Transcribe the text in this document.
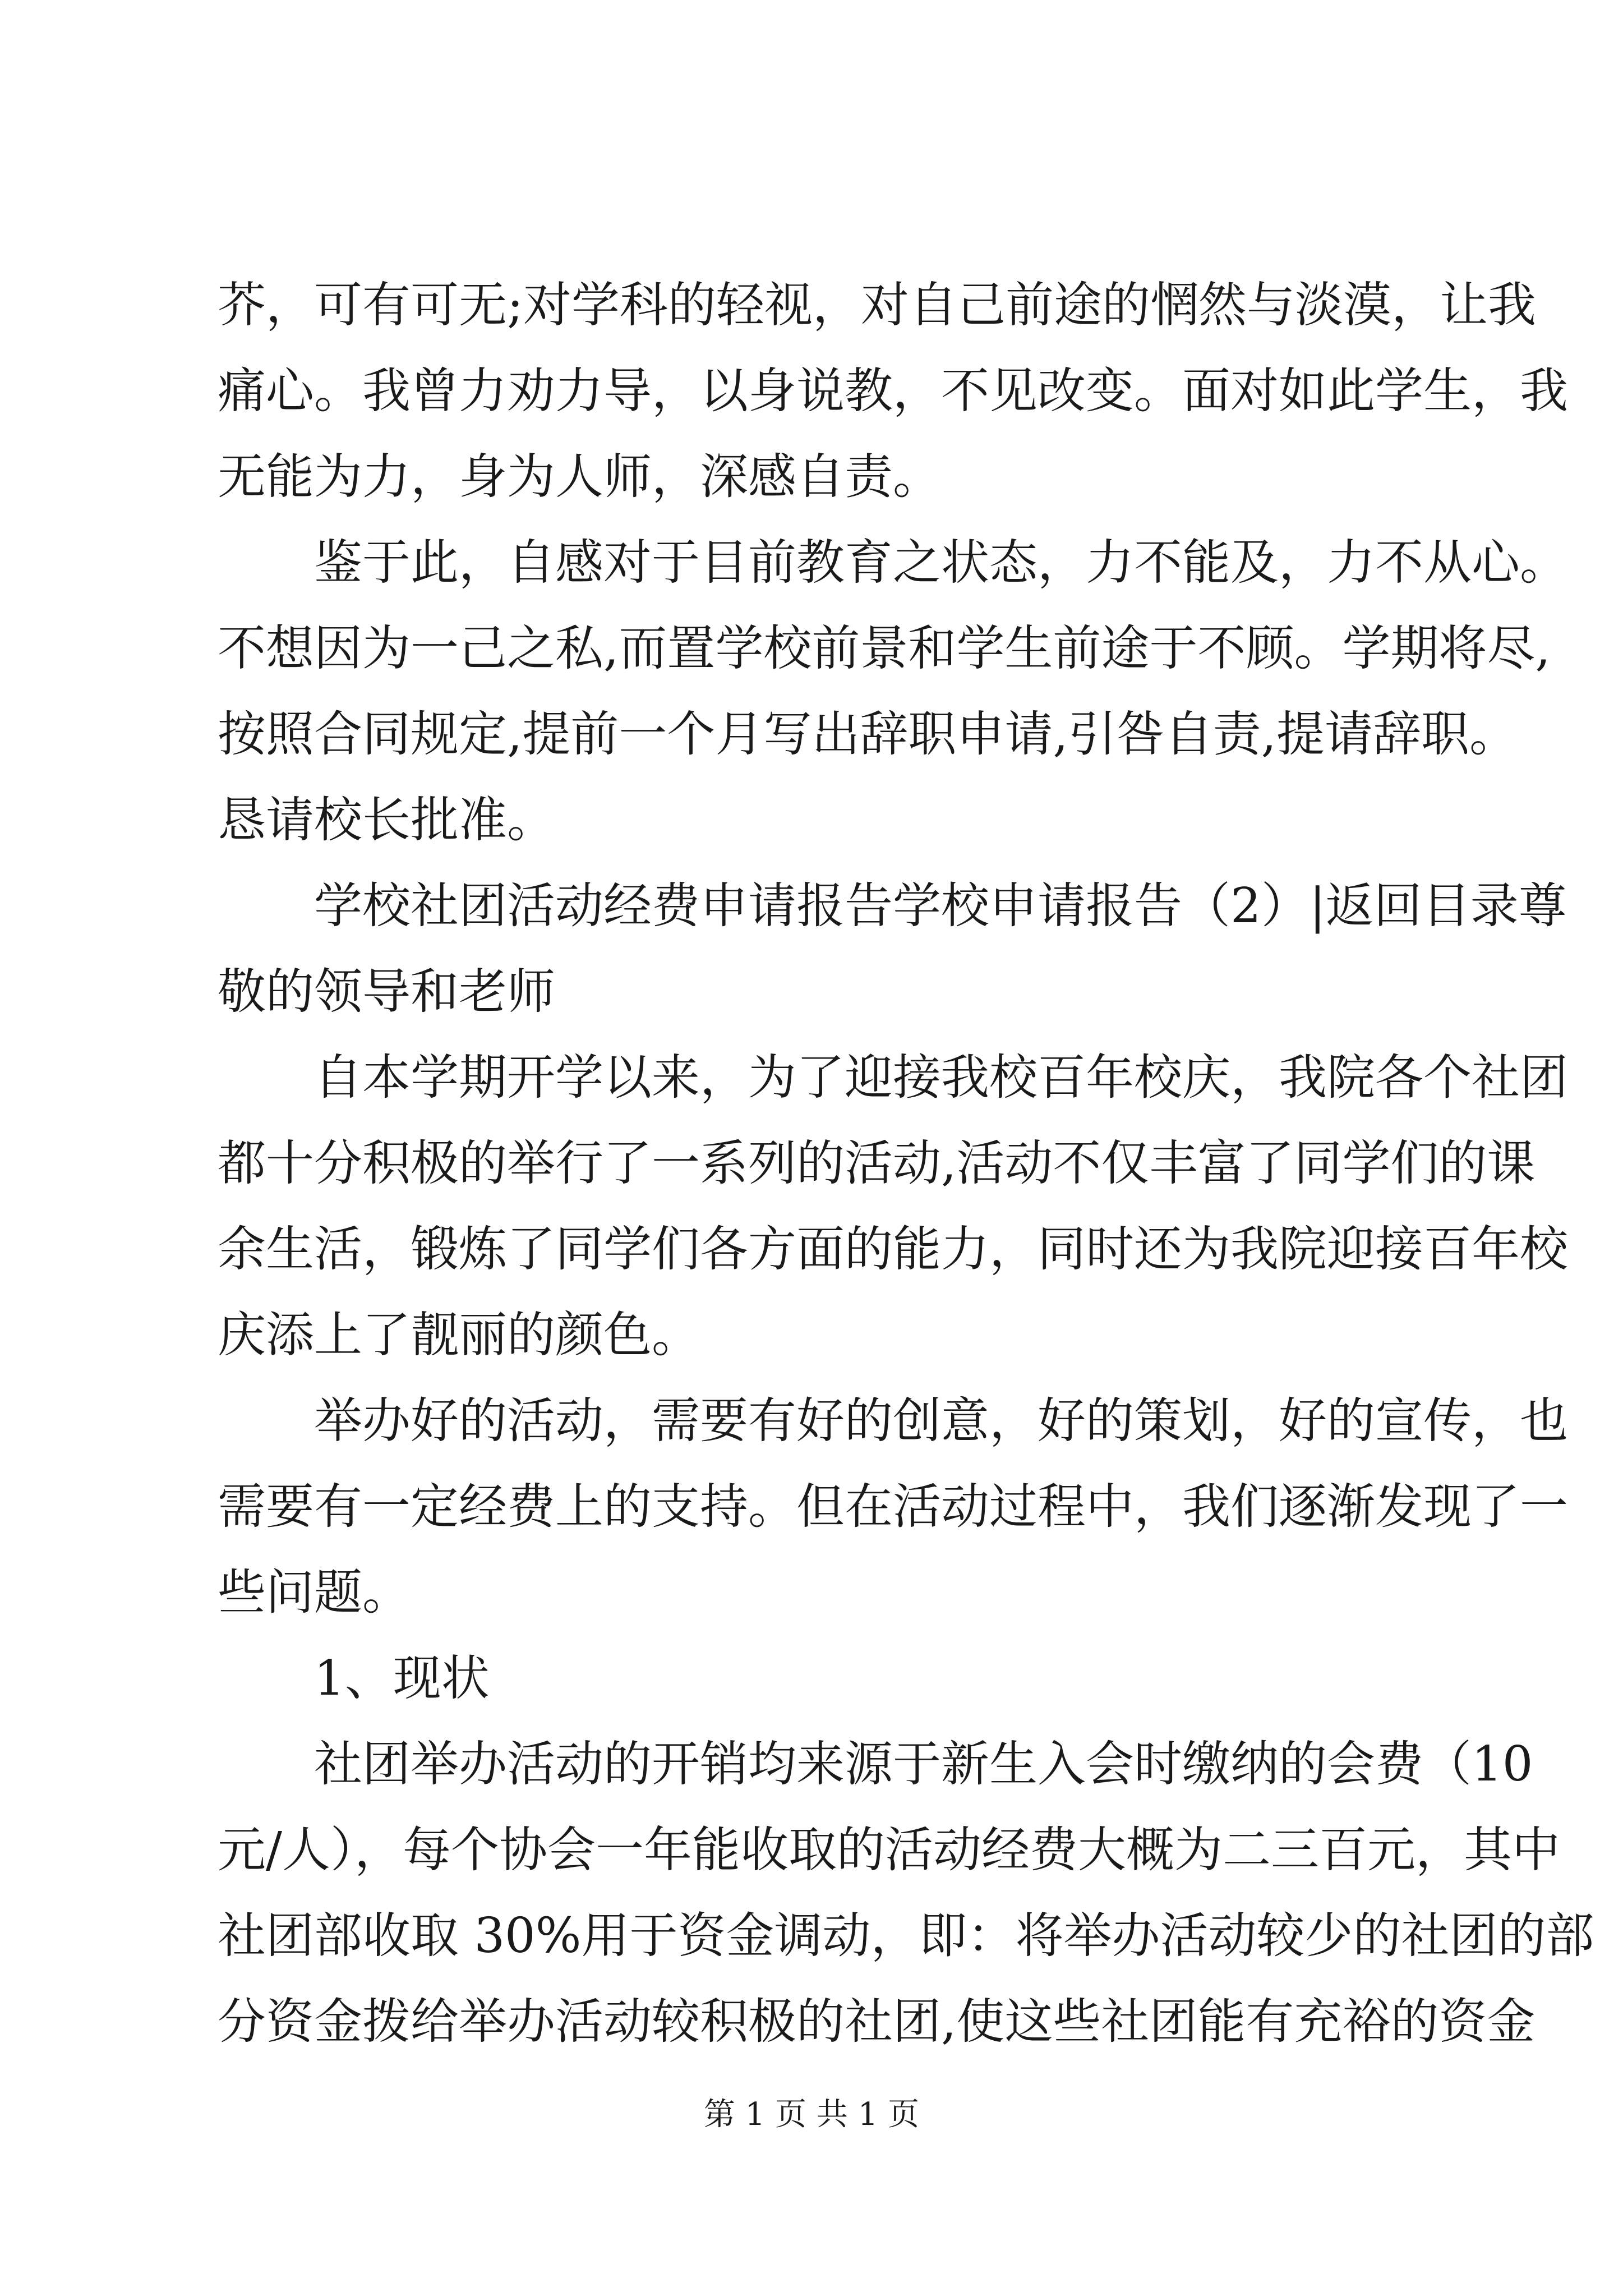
芥，可有可无;对学科的轻视，对自己前途的惘然与淡漠，让我
痛心。我曾力劝力导，以身说教，不见改变。面对如此学生，我
无能为力，身为人师，深感自责。
鉴于此，自感对于目前教育之状态，力不能及，力不从心。
不想因为一己之私,而置学校前景和学生前途于不顾。学期将尽,
按照合同规定,提前一个月写出辞职申请,引咎自责,提请辞职。
恳请校长批准。
学校社团活动经费申请报告学校申请报告（2）|返回目录尊
敬的领导和老师
自本学期开学以来，为了迎接我校百年校庆，我院各个社团
都十分积极的举行了一系列的活动,活动不仅丰富了同学们的课
余生活，锻炼了同学们各方面的能力，同时还为我院迎接百年校
庆添上了靓丽的颜色。
举办好的活动，需要有好的创意，好的策划，好的宣传，也
需要有一定经费上的支持。但在活动过程中，我们逐渐发现了一
些问题。
1、现状
社团举办活动的开销均来源于新生入会时缴纳的会费（10
元/人），每个协会一年能收取的活动经费大概为二三百元，其中
社团部收取 30%用于资金调动，即：将举办活动较少的社团的部
分资金拨给举办活动较积极的社团,使这些社团能有充裕的资金
第 1 页 共 1 页
